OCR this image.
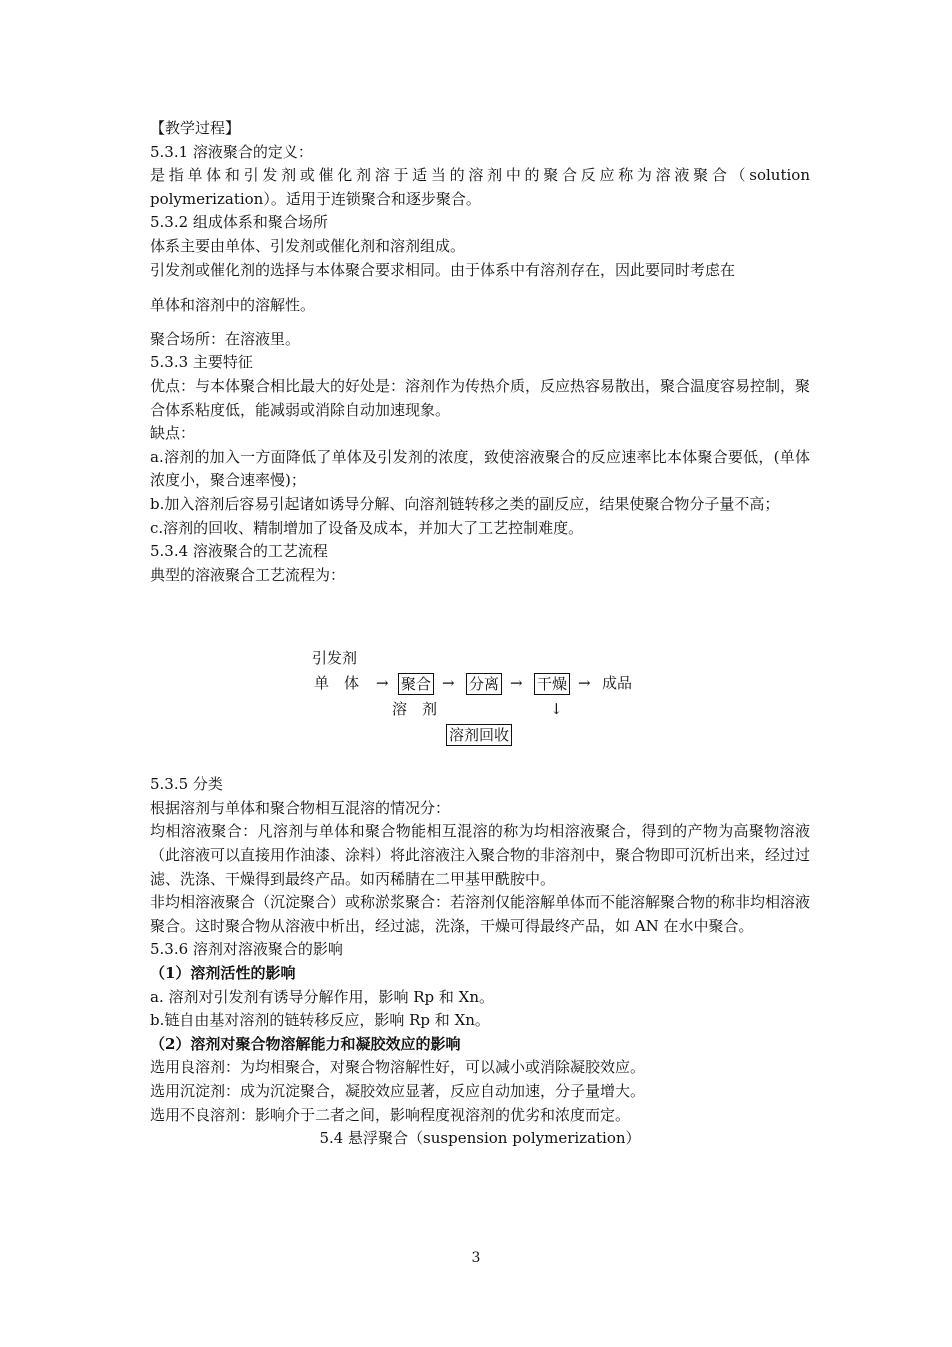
【教学过程】
5.3.1 溶液聚合的定义：
是指单体和引发剂或催化剂溶于适当的溶剂中的聚合反应称为溶液聚合（solution polymerization）。适用于连锁聚合和逐步聚合。
5.3.2 组成体系和聚合场所
体系主要由单体、引发剂或催化剂和溶剂组成。
引发剂或催化剂的选择与本体聚合要求相同。由于体系中有溶剂存在，因此要同时考虑在
单体和溶剂中的溶解性。
聚合场所：在溶液里。
5.3.3 主要特征
优点：与本体聚合相比最大的好处是：溶剂作为传热介质，反应热容易散出，聚合温度容易控制，聚合体系粘度低，能减弱或消除自动加速现象。
缺点：
a.溶剂的加入一方面降低了单体及引发剂的浓度，致使溶液聚合的反应速率比本体聚合要低，(单体浓度小，聚合速率慢)；
b.加入溶剂后容易引起诸如诱导分解、向溶剂链转移之类的副反应，结果使聚合物分子量不高；
c.溶剂的回收、精制增加了设备及成本，并加大了工艺控制难度。
5.3.4 溶液聚合的工艺流程
典型的溶液聚合工艺流程为：
引发剂
单　体 → 聚合 → 分离 → 干燥 → 成品
溶　剂	↓
溶剂回收
5.3.5 分类
根据溶剂与单体和聚合物相互混溶的情况分：
均相溶液聚合：凡溶剂与单体和聚合物能相互混溶的称为均相溶液聚合，得到的产物为高聚物溶液（此溶液可以直接用作油漆、涂料）将此溶液注入聚合物的非溶剂中，聚合物即可沉析出来，经过过滤、洗涤、干燥得到最终产品。如丙稀腈在二甲基甲酰胺中。
非均相溶液聚合（沉淀聚合）或称淤浆聚合：若溶剂仅能溶解单体而不能溶解聚合物的称非均相溶液聚合。这时聚合物从溶液中析出，经过滤，洗涤，干燥可得最终产品，如 AN 在水中聚合。
5.3.6 溶剂对溶液聚合的影响
（1）溶剂活性的影响
a. 溶剂对引发剂有诱导分解作用，影响 Rp 和 Xn。
b.链自由基对溶剂的链转移反应，影响 Rp 和 Xn。
（2）溶剂对聚合物溶解能力和凝胶效应的影响
选用良溶剂：为均相聚合，对聚合物溶解性好，可以减小或消除凝胶效应。
选用沉淀剂：成为沉淀聚合，凝胶效应显著，反应自动加速，分子量增大。
选用不良溶剂：影响介于二者之间，影响程度视溶剂的优劣和浓度而定。
5.4 悬浮聚合（suspension polymerization）
3
